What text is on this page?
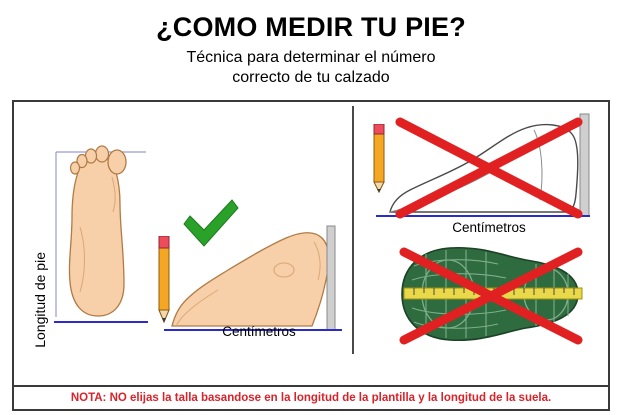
¿COMO MEDIR TU PIE?
Técnica para determinar el número
correcto de tu calzado
Longitud de pie	Centímetros
Centímetros
NOTA: NO elijas la talla basandose en la longitud de la plantilla y la longitud de la suela.
